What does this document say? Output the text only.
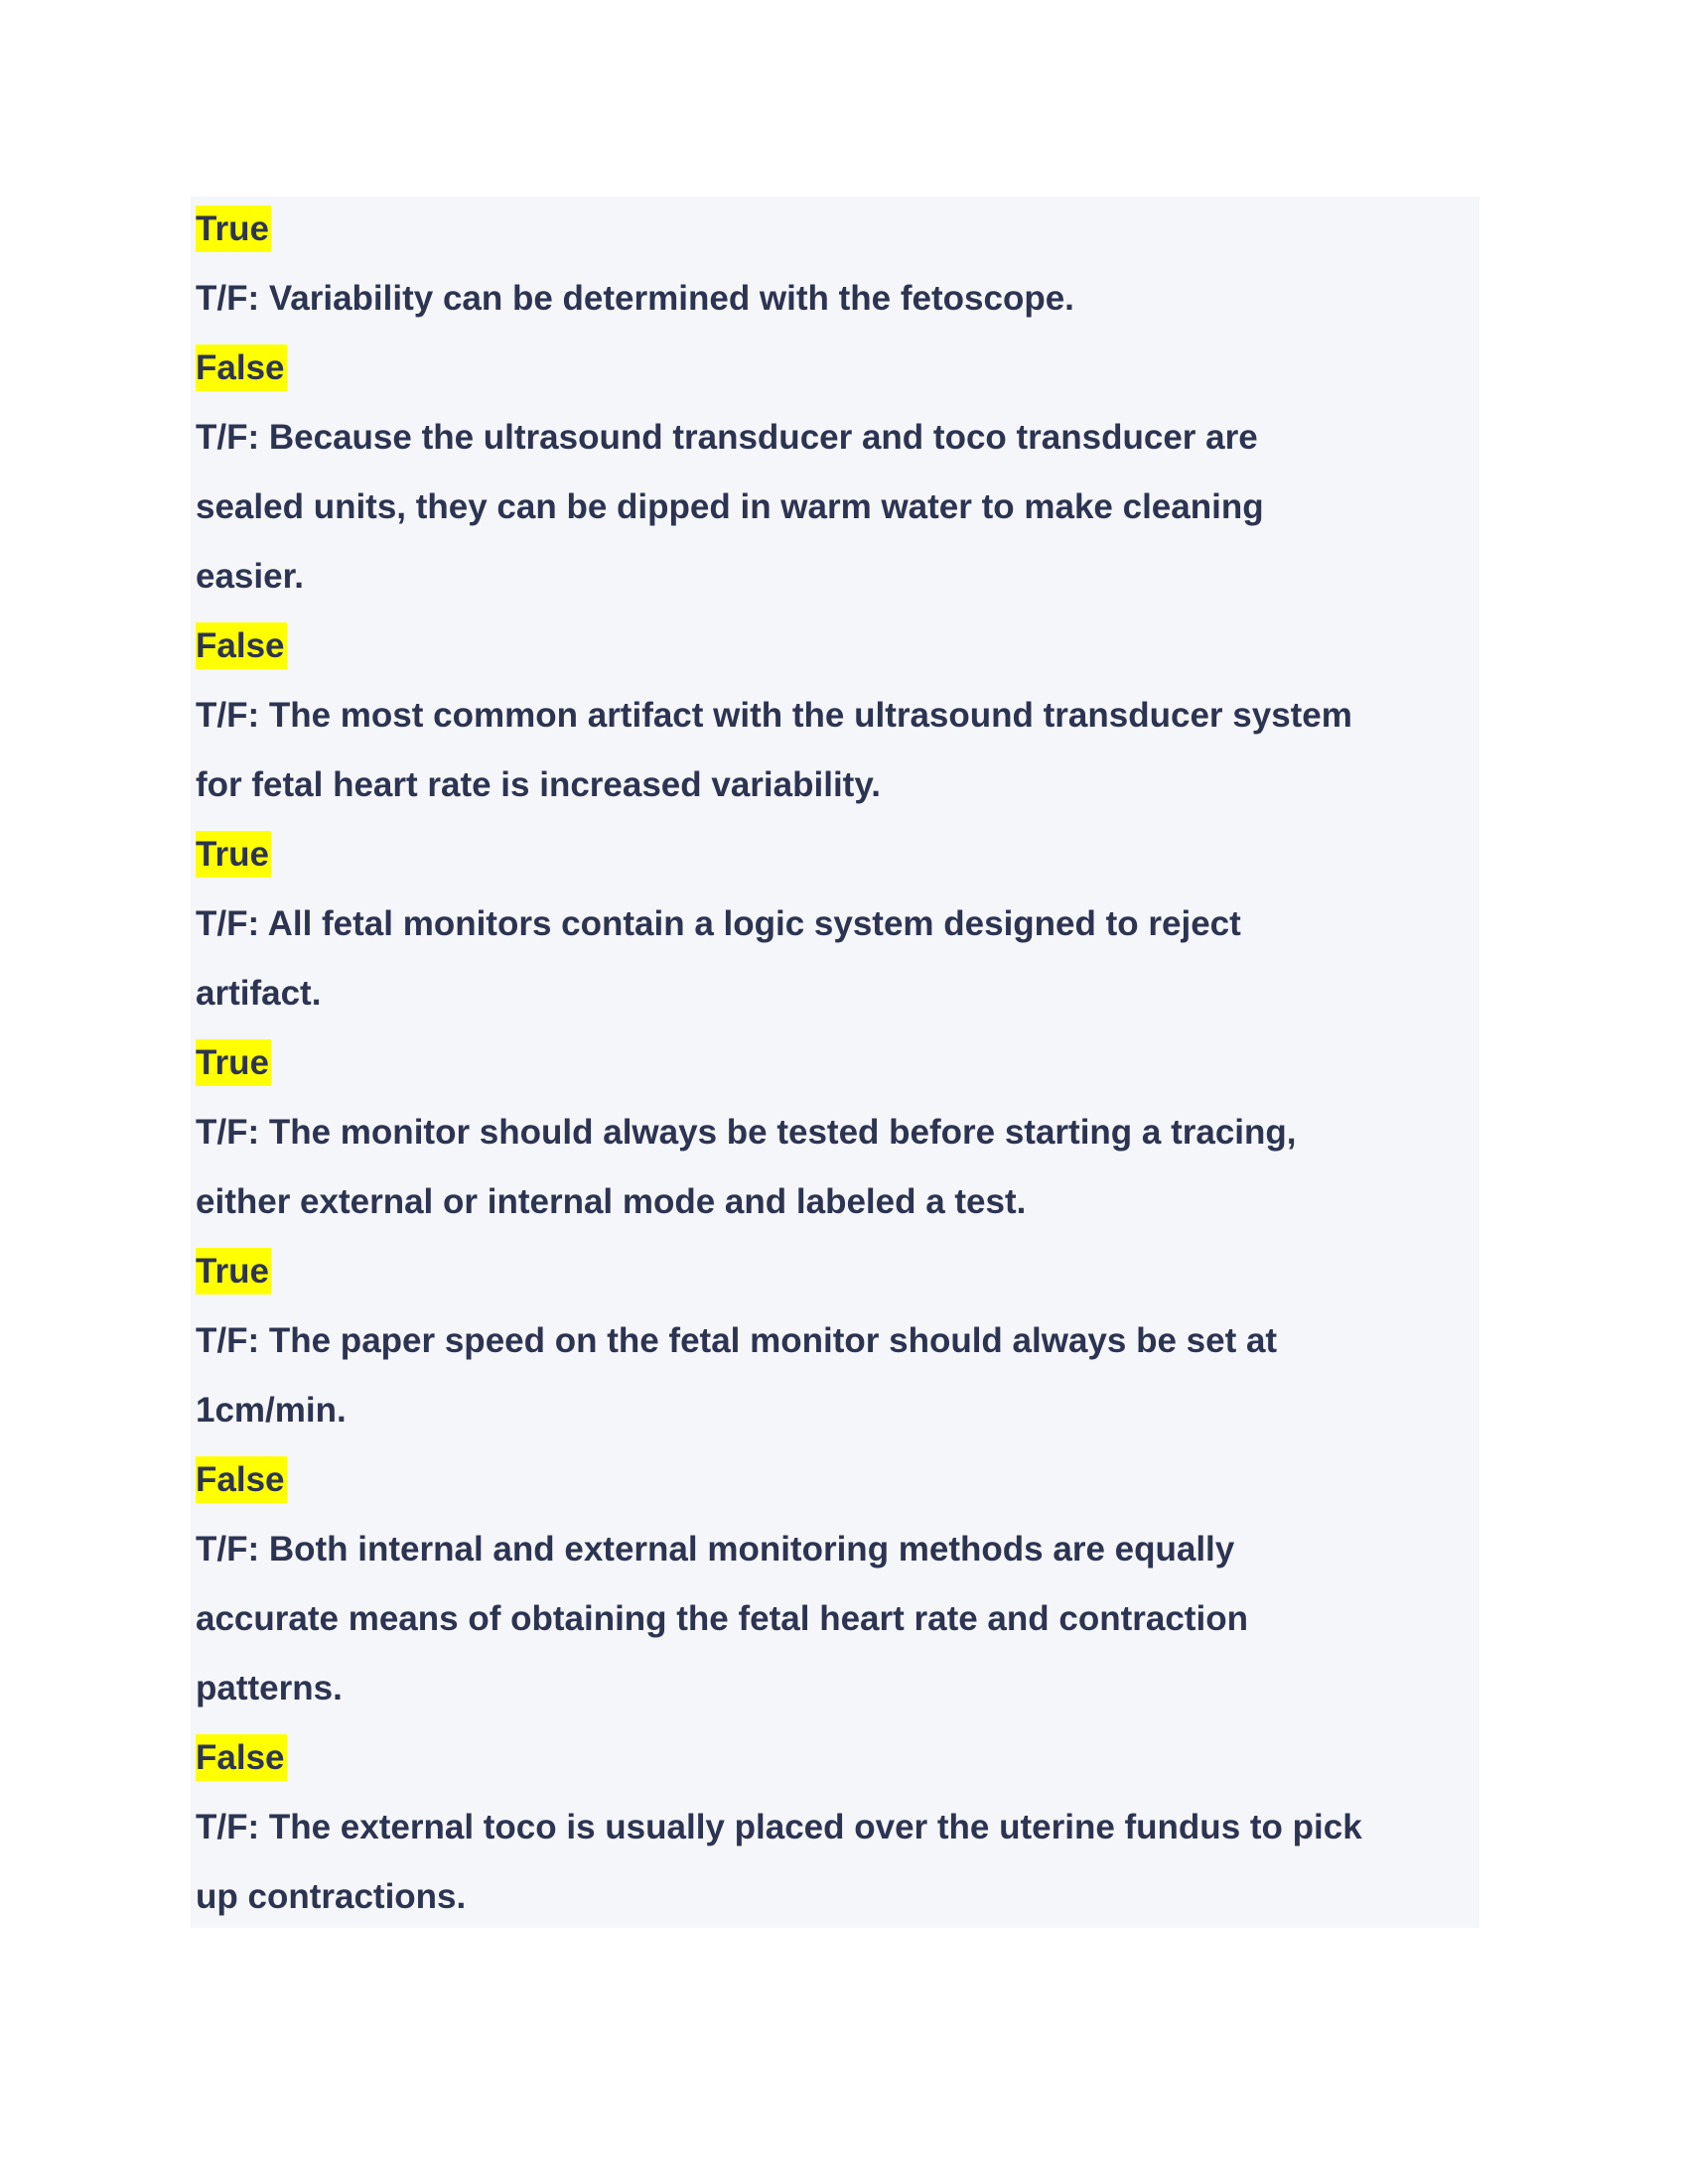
True
T/F: Variability can be determined with the fetoscope.
False
T/F: Because the ultrasound transducer and toco transducer are
sealed units, they can be dipped in warm water to make cleaning
easier.
False
T/F: The most common artifact with the ultrasound transducer system
for fetal heart rate is increased variability.
True
T/F: All fetal monitors contain a logic system designed to reject
artifact.
True
T/F: The monitor should always be tested before starting a tracing,
either external or internal mode and labeled a test.
True
T/F: The paper speed on the fetal monitor should always be set at
1cm/min.
False
T/F: Both internal and external monitoring methods are equally
accurate means of obtaining the fetal heart rate and contraction
patterns.
False
T/F: The external toco is usually placed over the uterine fundus to pick
up contractions.
